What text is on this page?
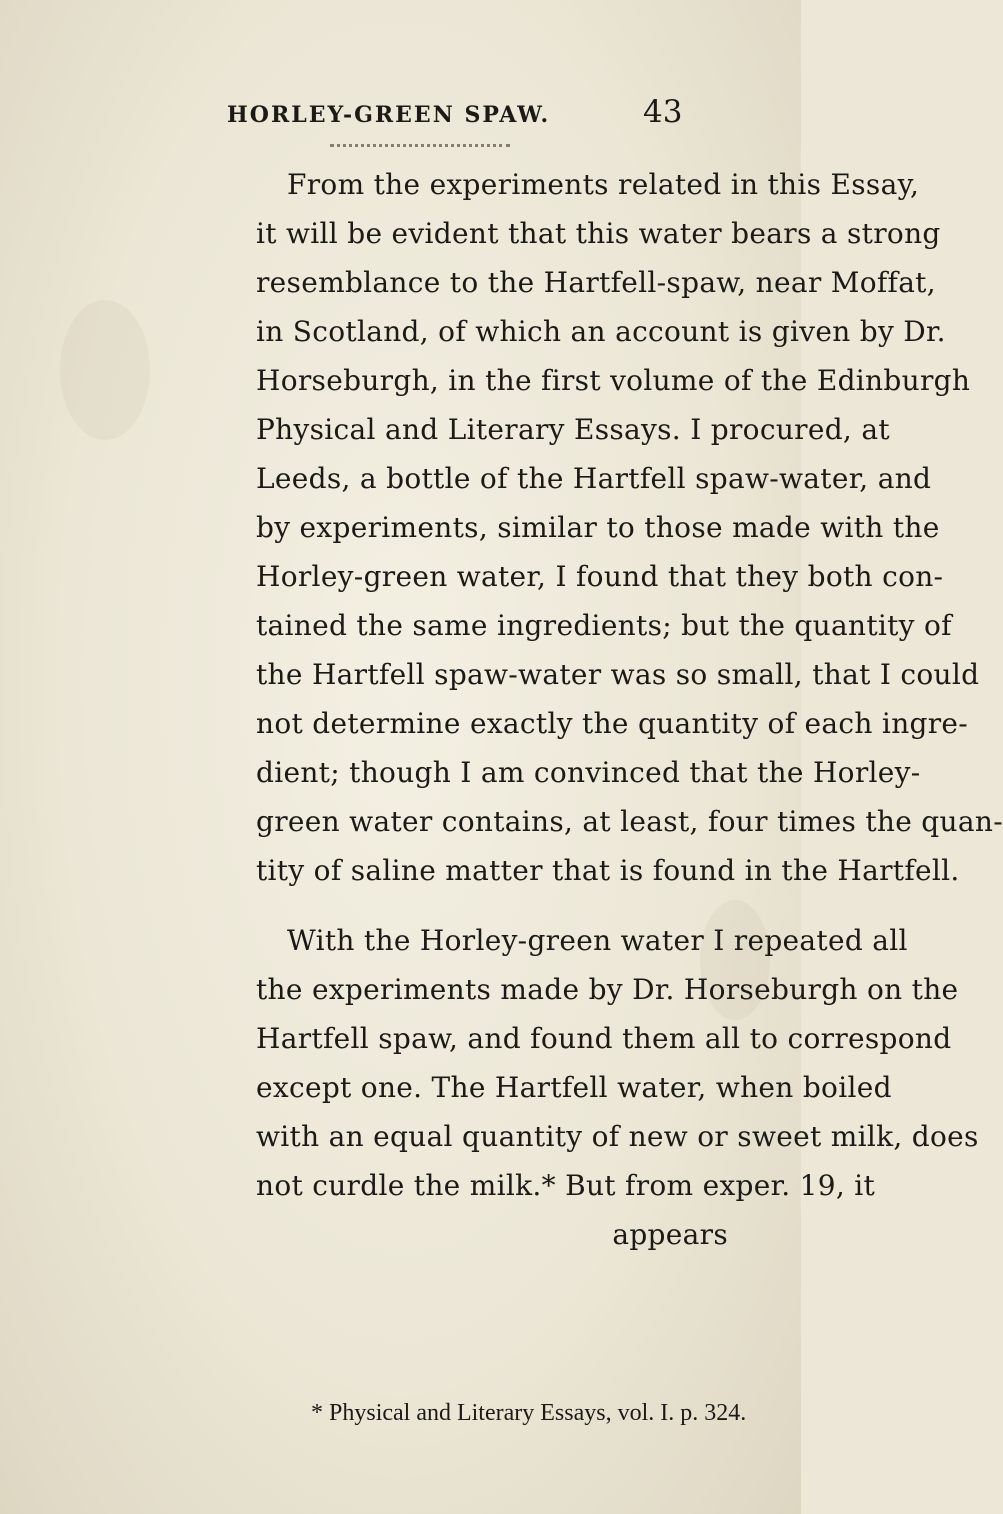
HORLEY-GREEN SPAW.	43
From the experiments related in this Essay,
it will be evident that this water bears a strong
resemblance to the Hartfell-spaw, near Moffat,
in Scotland, of which an account is given by Dr.
Horseburgh, in the first volume of the Edinburgh
Physical and Literary Essays. I procured, at
Leeds, a bottle of the Hartfell spaw-water, and
by experiments, similar to those made with the
Horley-green water, I found that they both con-
tained the same ingredients; but the quantity of
the Hartfell spaw-water was so small, that I could
not determine exactly the quantity of each ingre-
dient; though I am convinced that the Horley-
green water contains, at least, four times the quan-
tity of saline matter that is found in the Hartfell.
With the Horley-green water I repeated all
the experiments made by Dr. Horseburgh on the
Hartfell spaw, and found them all to correspond
except one. The Hartfell water, when boiled
with an equal quantity of new or sweet milk, does
not curdle the milk.* But from exper. 19, it
appears
* Physical and Literary Essays, vol. I. p. 324.
